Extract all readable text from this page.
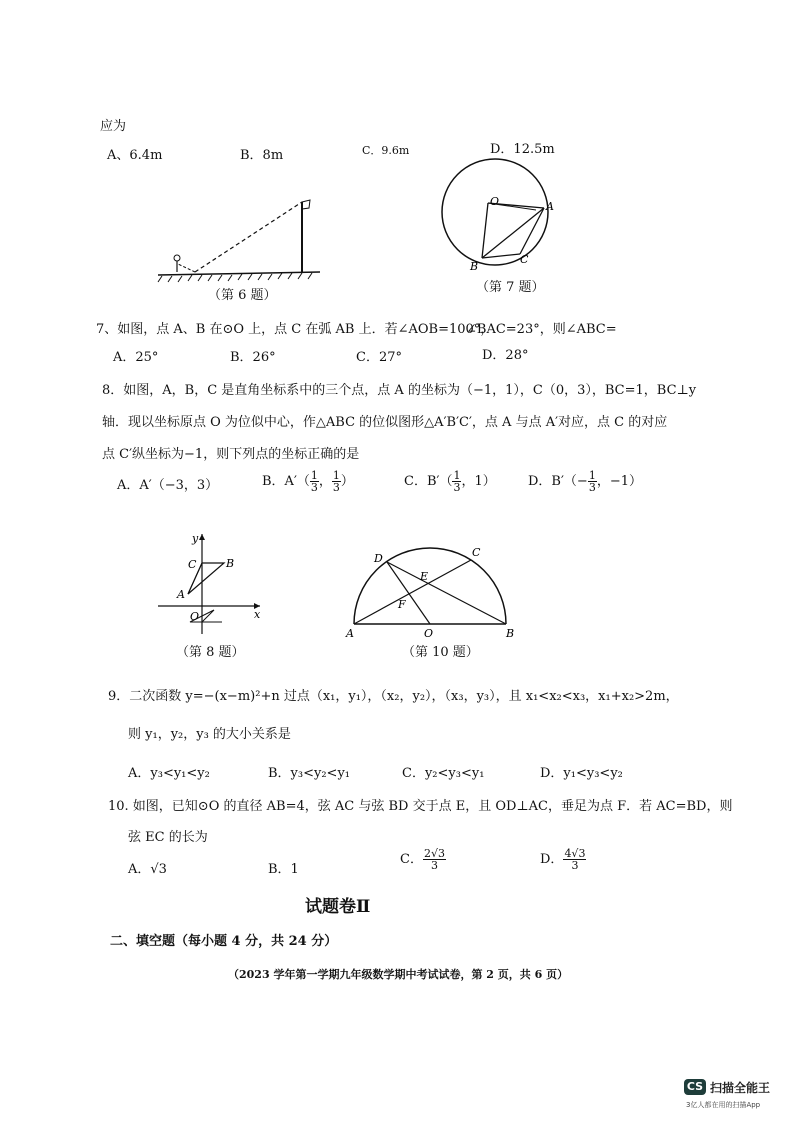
应为
A、6.4m	B．8m	C．9.6m	D．12.5m
（第 6 题）
O	A
B
C
（第 7 题）
7、如图，点 A、B 在⊙O 上，点 C 在弧 AB 上．若∠AOB=100°，
∠BAC=23°，则∠ABC=
A．25°	B．26°	C．27°	D．28°
8．如图，A，B，C 是直角坐标系中的三个点，点 A 的坐标为（−1，1），C（0，3），BC=1，BC⊥y
轴．现以坐标原点 O 为位似中心，作△ABC 的位似图形△A′B′C′，点 A 与点 A′对应，点 C 的对应
点 C′纵坐标为−1，则下列点的坐标正确的是
A．A′（−3，3）	B．$A'( \frac{1}{3}$ ， $\frac{1}{3}$ ）	C．$B'( \frac{1}{3}$ ，1） D．$B'(- \frac{1}{3}$ ，−1）
y
x
C	B
A
O
（第 8 题）
D	C
E
F
A	O	B
（第 10 题）
9．二次函数 y=−(x−m)²+n 过点（x₁，y₁），（x₂，y₂），（x₃，y₃），且 x₁<x₂<x₃，x₁+x₂>2m，
则 y₁，y₂，y₃ 的大小关系是
A．y₃<y₁<y₂	B．y₃<y₂<y₁	C．y₂<y₃<y₁	D．y₁<y₃<y₂
10. 如图，已知⊙O 的直径 AB=4，弦 AC 与弦 BD 交于点 E，且 OD⊥AC，垂足为点 F．若 AC=BD，则
弦 EC 的长为
A．√3	B．1
C． $\frac{2√3}{3}$	D． $\frac{4√3}{3}$
试题卷Ⅱ
二、填空题（每小题 4 分，共 24 分）
（2023 学年第一学期九年级数学期中考试试卷，第 2 页，共 6 页）
CS 扫描全能王
3亿人都在用的扫描App
